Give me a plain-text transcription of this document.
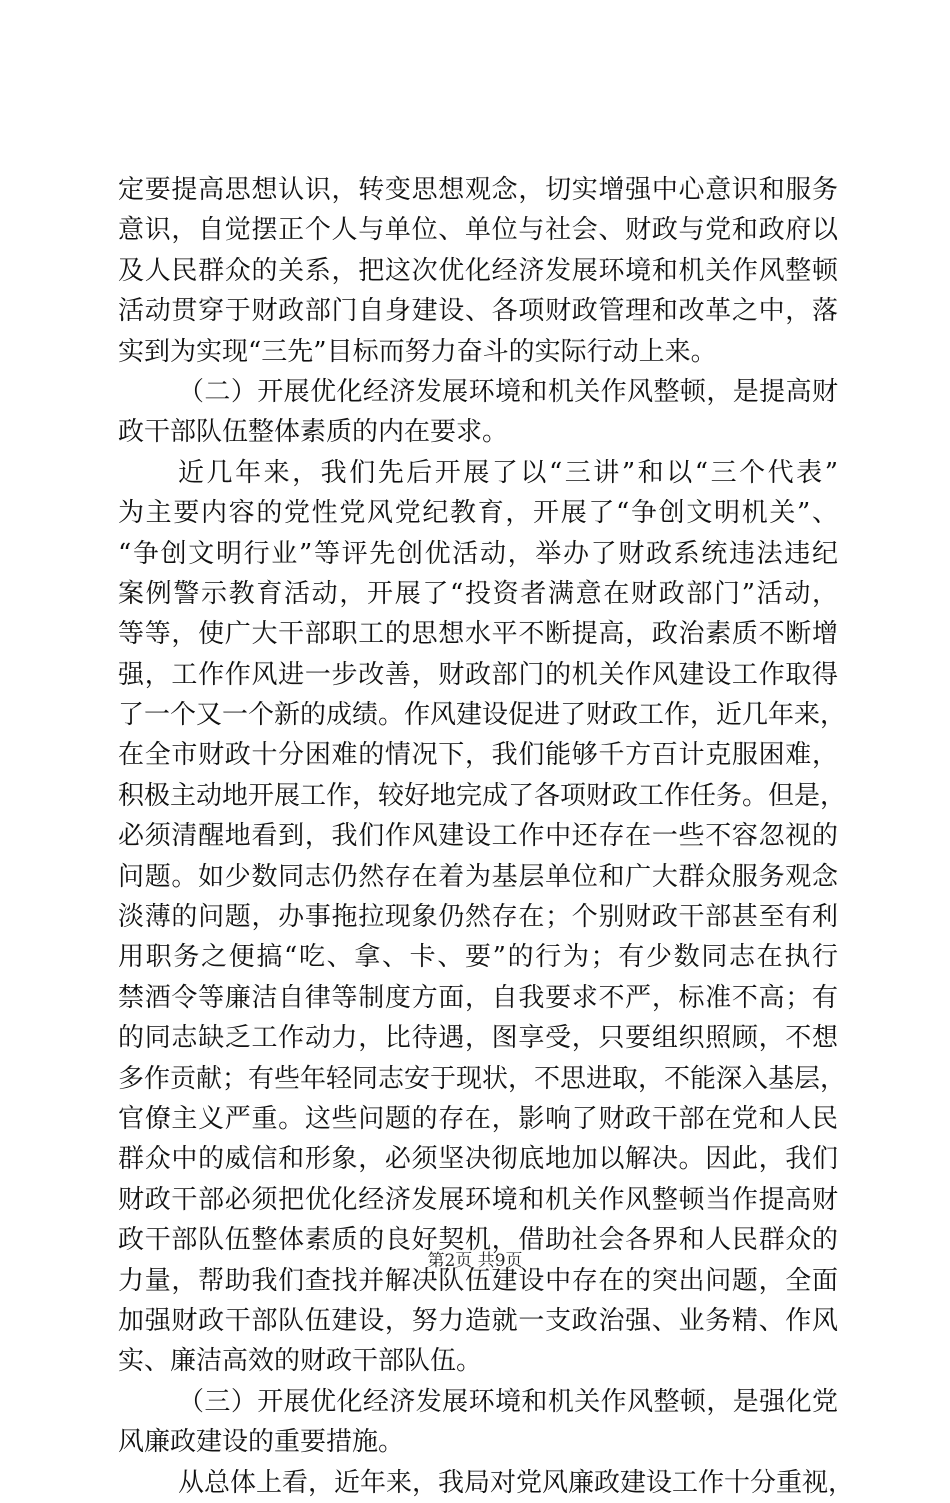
定要提高思想认识，转变思想观念，切实增强中心意识和服务
意识，自觉摆正个人与单位、单位与社会、财政与党和政府以
及人民群众的关系，把这次优化经济发展环境和机关作风整顿
活动贯穿于财政部门自身建设、各项财政管理和改革之中，落
实到为实现“三先”目标而努力奋斗的实际行动上来。
（二）开展优化经济发展环境和机关作风整顿，是提高财
政干部队伍整体素质的内在要求。
近几年来，我们先后开展了以“三讲”和以“三个代表”
为主要内容的党性党风党纪教育，开展了“争创文明机关”、
“争创文明行业”等评先创优活动，举办了财政系统违法违纪
案例警示教育活动，开展了“投资者满意在财政部门”活动，
等等，使广大干部职工的思想水平不断提高，政治素质不断增
强，工作作风进一步改善，财政部门的机关作风建设工作取得
了一个又一个新的成绩。作风建设促进了财政工作，近几年来，
在全市财政十分困难的情况下，我们能够千方百计克服困难，
积极主动地开展工作，较好地完成了各项财政工作任务。但是，
必须清醒地看到，我们作风建设工作中还存在一些不容忽视的
问题。如少数同志仍然存在着为基层单位和广大群众服务观念
淡薄的问题，办事拖拉现象仍然存在；个别财政干部甚至有利
用职务之便搞“吃、拿、卡、要”的行为；有少数同志在执行
禁酒令等廉洁自律等制度方面，自我要求不严，标准不高；有
的同志缺乏工作动力，比待遇，图享受，只要组织照顾，不想
多作贡献；有些年轻同志安于现状，不思进取，不能深入基层，
官僚主义严重。这些问题的存在，影响了财政干部在党和人民
群众中的威信和形象，必须坚决彻底地加以解决。因此，我们
财政干部必须把优化经济发展环境和机关作风整顿当作提高财
政干部队伍整体素质的良好契机，借助社会各界和人民群众的
力量，帮助我们查找并解决队伍建设中存在的突出问题，全面
加强财政干部队伍建设，努力造就一支政治强、业务精、作风
实、廉洁高效的财政干部队伍。
（三）开展优化经济发展环境和机关作风整顿，是强化党
风廉政建设的重要措施。
从总体上看，近年来，我局对党风廉政建设工作十分重视，
第2页 共9页
